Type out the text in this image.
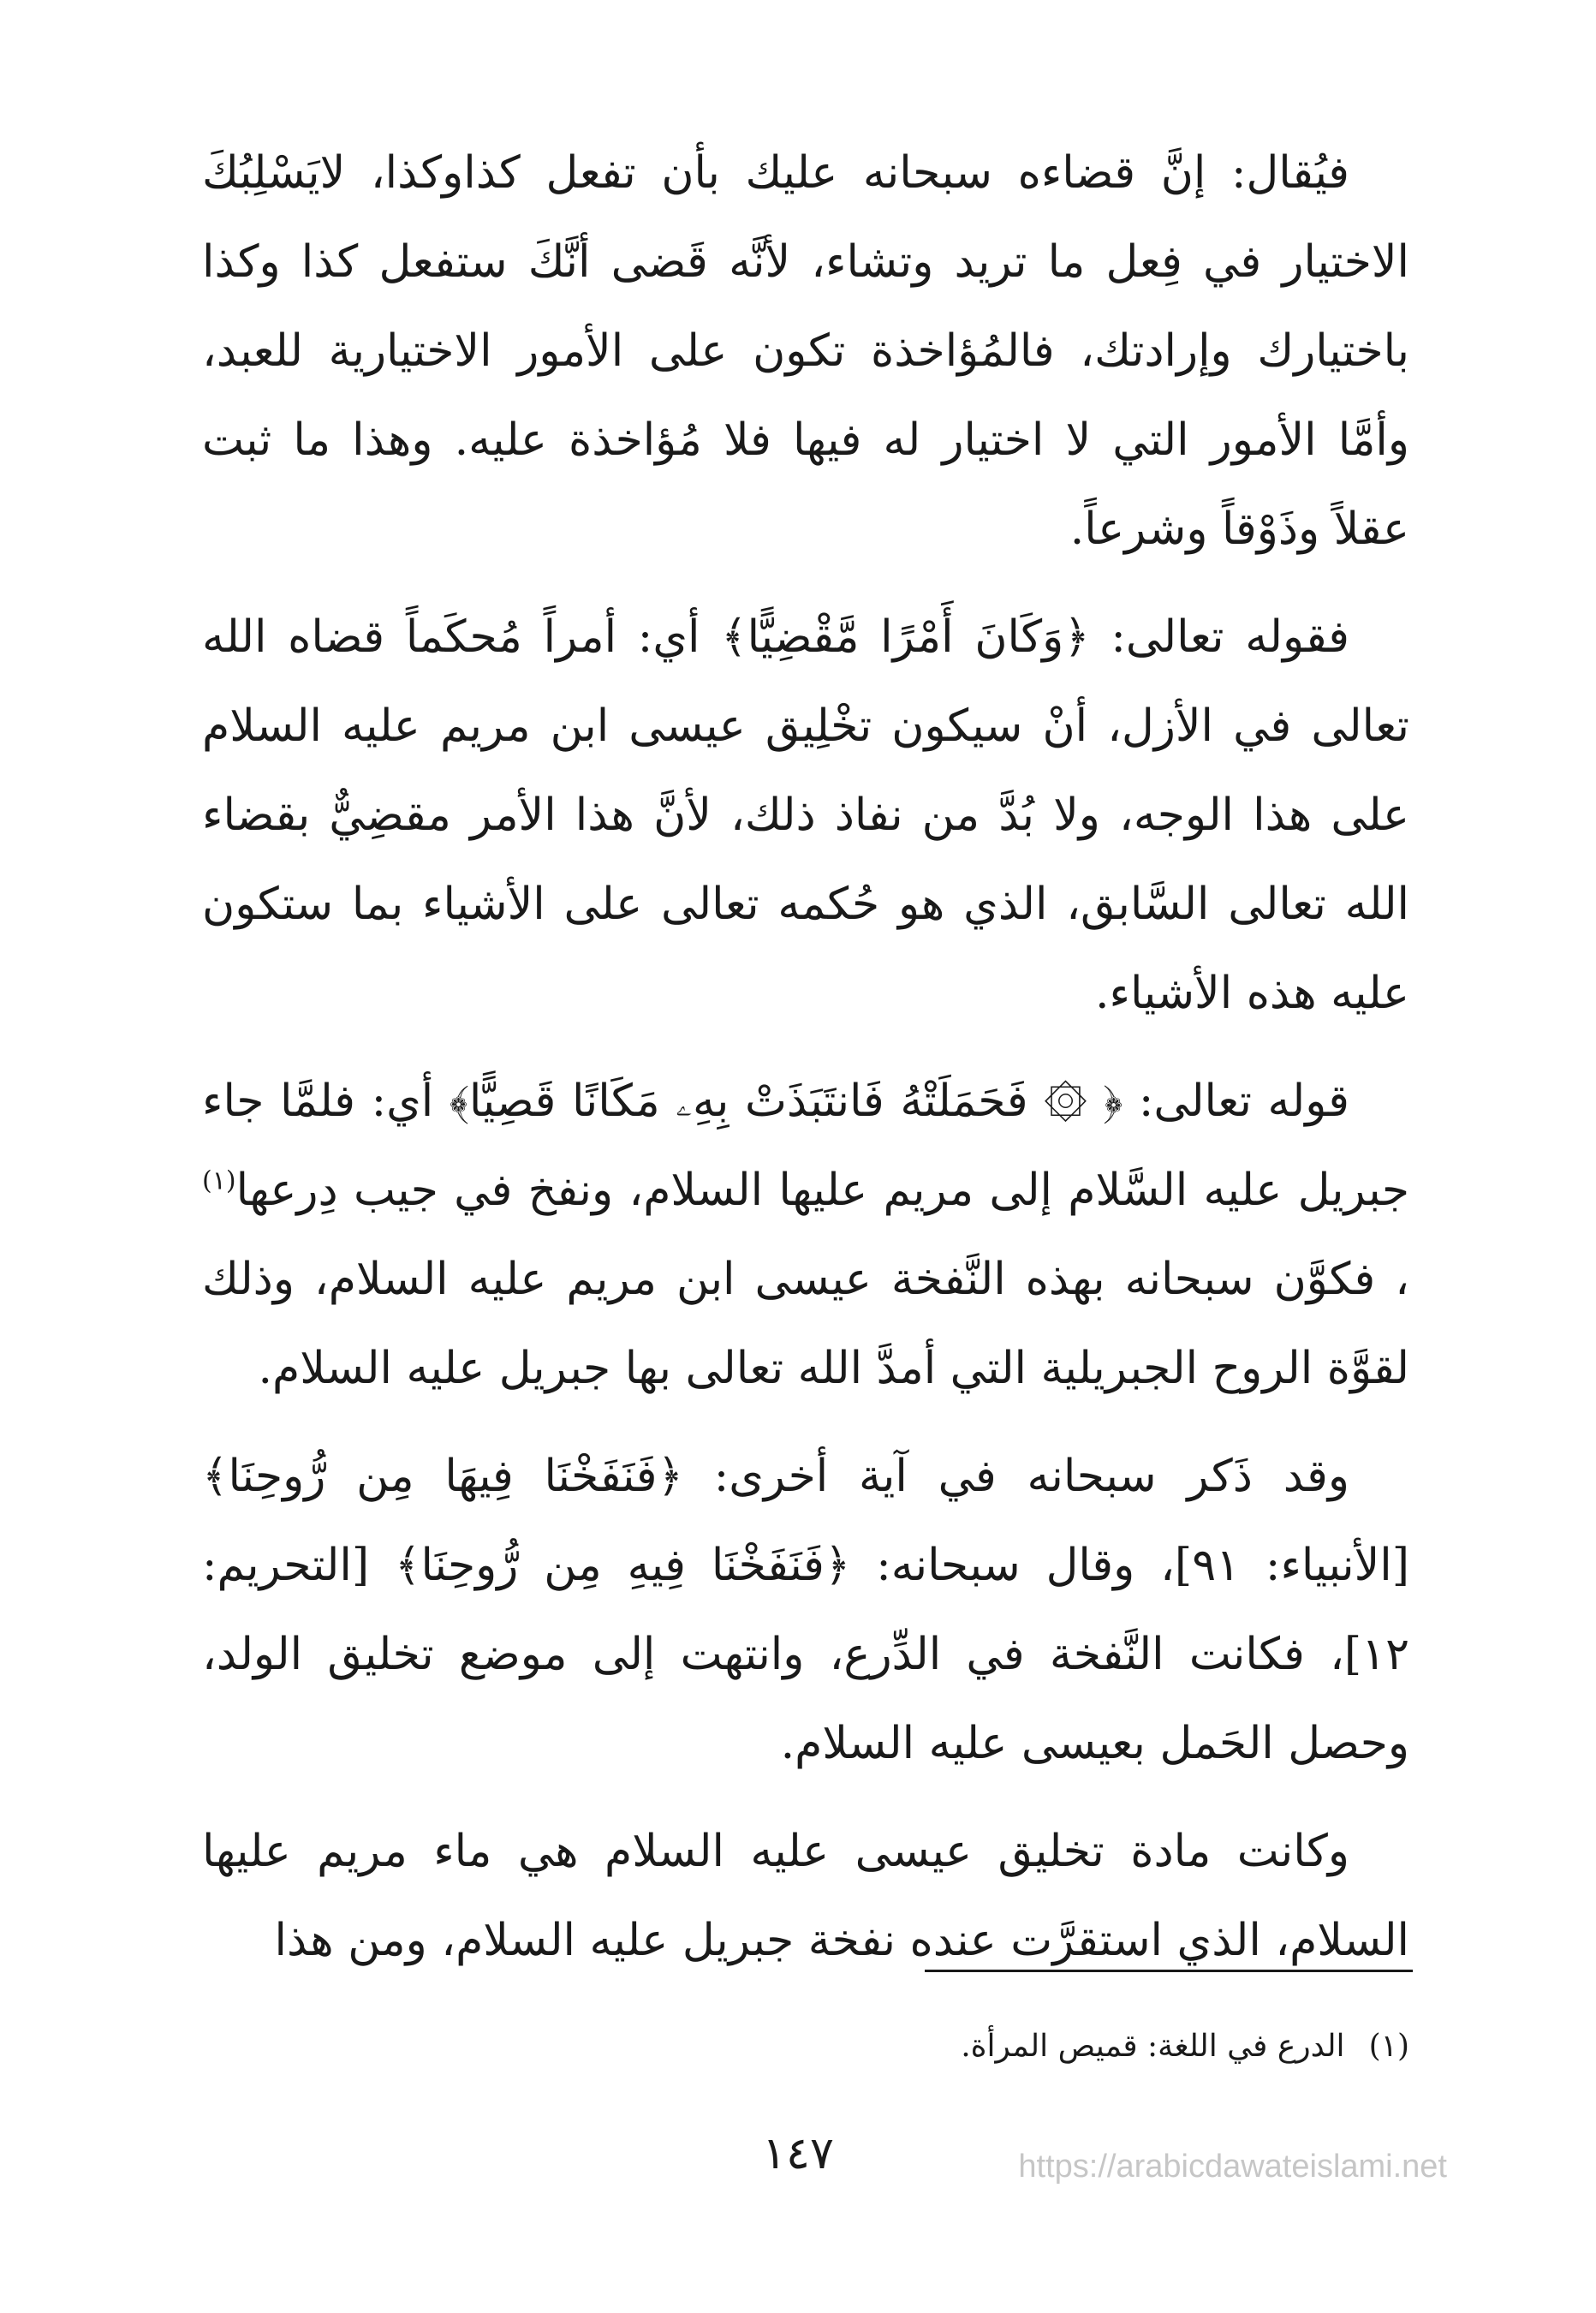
فيُقال: إنَّ قضاءه سبحانه عليك بأن تفعل كذاوكذا، لايَسْلِبُكَ الاختيار في فِعل ما تريد وتشاء، لأنَّه قَضى أنَّكَ ستفعل كذا وكذا باختيارك وإرادتك، فالمُؤاخذة تكون على الأمور الاختيارية للعبد، وأمَّا الأمور التي لا اختيار له فيها فلا مُؤاخذة عليه. وهذا ما ثبت عقلاً وذَوْقاً وشرعاً.

فقوله تعالى: ﴿وَكَانَ أَمْرًا مَّقْضِيًّا﴾ أي: أمراً مُحكَماً قضاه الله تعالى في الأزل، أنْ سيكون تخْلِيق عيسى ابن مريم عليه السلام على هذا الوجه، ولا بُدَّ من نفاذ ذلك، لأنَّ هذا الأمر مقضِيٌّ بقضاء الله تعالى السَّابق، الذي هو حُكمه تعالى على الأشياء بما ستكون عليه هذه الأشياء.

قوله تعالى: ﴿ ۞ فَحَمَلَتْهُ فَانتَبَذَتْ بِهِۦ مَكَانًا قَصِيًّا﴾ أي: فلمَّا جاء جبريل عليه السَّلام إلى مريم عليها السلام، ونفخ في جيب دِرعها$^{(١)}$ ، فكوَّن سبحانه بهذه النَّفخة عيسى ابن مريم عليه السلام، وذلك لقوَّة الروح الجبريلية التي أمدَّ الله تعالى بها جبريل عليه السلام.

وقد ذَكر سبحانه في آية أخرى: ﴿فَنَفَخْنَا فِيهَا مِن رُّوحِنَا﴾ [الأنبياء: ٩١]، وقال سبحانه: ﴿فَنَفَخْنَا فِيهِ مِن رُّوحِنَا﴾ [التحريم: ١٢]، فكانت النَّفخة في الدِّرع، وانتهت إلى موضع تخليق الولد، وحصل الحَمل بعيسى عليه السلام.

وكانت مادة تخليق عيسى عليه السلام هي ماء مريم عليها السلام، الذي استقرَّت عنده نفخة جبريل عليه السلام، ومن هذا

(١)الدرع في اللغة: قميص المرأة.
١٤٧	https://arabicdawateislami.net
